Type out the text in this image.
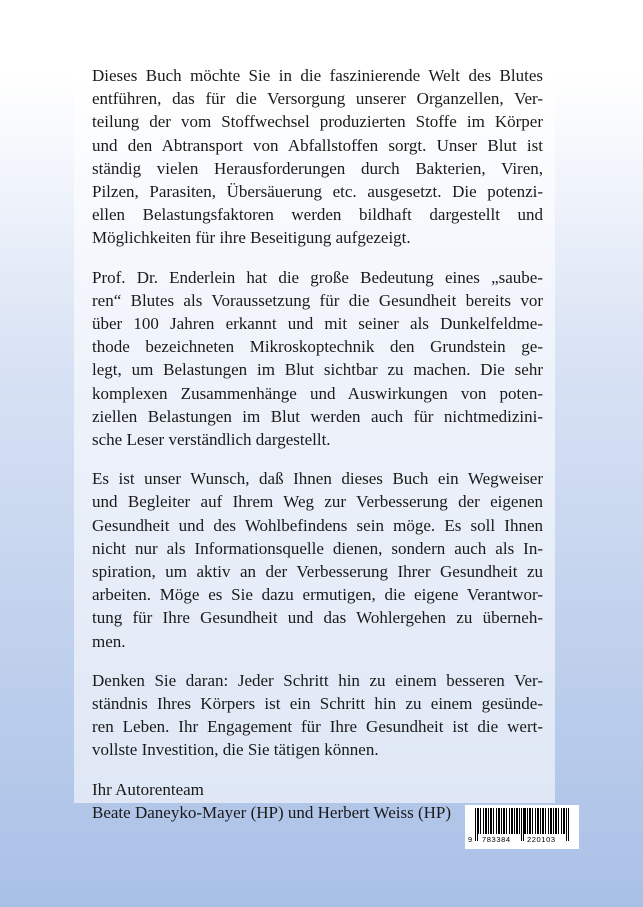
Dieses Buch möchte Sie in die faszinierende Welt des Blutes
entführen, das für die Versorgung unserer Organzellen, Ver-
teilung der vom Stoffwechsel produzierten Stoffe im Körper
und den Abtransport von Abfallstoffen sorgt. Unser Blut ist
ständig vielen Herausforderungen durch Bakterien, Viren,
Pilzen, Parasiten, Übersäuerung etc. ausgesetzt. Die potenzi-
ellen Belastungsfaktoren werden bildhaft dargestellt und
Möglichkeiten für ihre Beseitigung aufgezeigt.
Prof. Dr. Enderlein hat die große Bedeutung eines „saube-
ren“ Blutes als Voraussetzung für die Gesundheit bereits vor
über 100 Jahren erkannt und mit seiner als Dunkelfeldme-
thode bezeichneten Mikroskoptechnik den Grundstein ge-
legt, um Belastungen im Blut sichtbar zu machen. Die sehr
komplexen Zusammenhänge und Auswirkungen von poten-
ziellen Belastungen im Blut werden auch für nichtmedizini-
sche Leser verständlich dargestellt.
Es ist unser Wunsch, daß Ihnen dieses Buch ein Wegweiser
und Begleiter auf Ihrem Weg zur Verbesserung der eigenen
Gesundheit und des Wohlbefindens sein möge. Es soll Ihnen
nicht nur als Informationsquelle dienen, sondern auch als In-
spiration, um aktiv an der Verbesserung Ihrer Gesundheit zu
arbeiten. Möge es Sie dazu ermutigen, die eigene Verantwor-
tung für Ihre Gesundheit und das Wohlergehen zu überneh-
men.
Denken Sie daran: Jeder Schritt hin zu einem besseren Ver-
ständnis Ihres Körpers ist ein Schritt hin zu einem gesünde-
ren Leben. Ihr Engagement für Ihre Gesundheit ist die wert-
vollste Investition, die Sie tätigen können.
Ihr Autorenteam
Beate Daneyko-Mayer (HP) und Herbert Weiss (HP)
9 783384 220103
